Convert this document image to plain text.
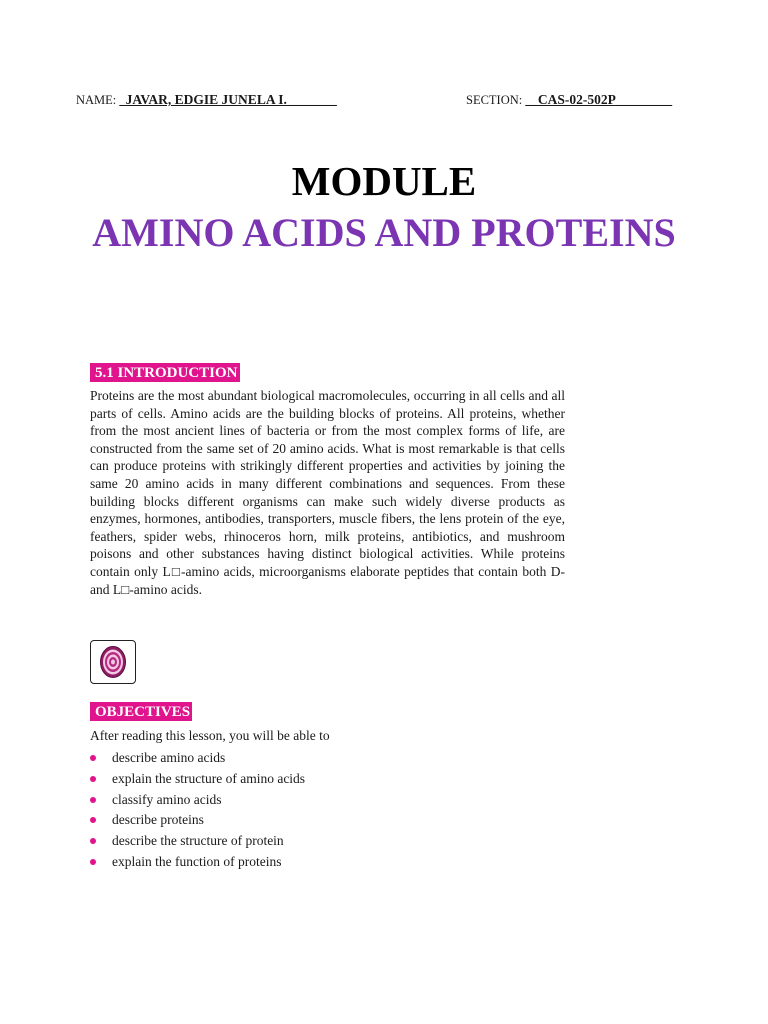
NAME: _JAVAR, EDGIE JUNELA I.________	SECTION: __CAS-02-502P_________
MODULE
AMINO ACIDS AND PROTEINS
5.1 INTRODUCTION

Proteins are the most abundant biological macromolecules, occurring in all cells and all parts of cells. Amino acids are the building blocks of proteins. All proteins, whether from the most ancient lines of bacteria or from the most complex forms of life, are constructed from the same set of 20 amino acids. What is most remarkable is that cells can produce proteins with strikingly different properties and activities by joining the same 20 amino acids in many different combinations and sequences. From these building blocks different organisms can make such widely diverse products as enzymes, hormones, antibodies, transporters, muscle fibers, the lens protein of the eye, feathers, spider webs, rhinoceros horn, milk proteins, antibiotics, and mushroom poisons and other substances having distinct biological activities. While proteins contain only L□-amino acids, microorganisms elaborate peptides that contain both D- and L□-amino acids.

OBJECTIVES

After reading this lesson, you will be able to

describe amino acids
explain the structure of amino acids
classify amino acids
describe proteins
describe the structure of protein
explain the function of proteins
